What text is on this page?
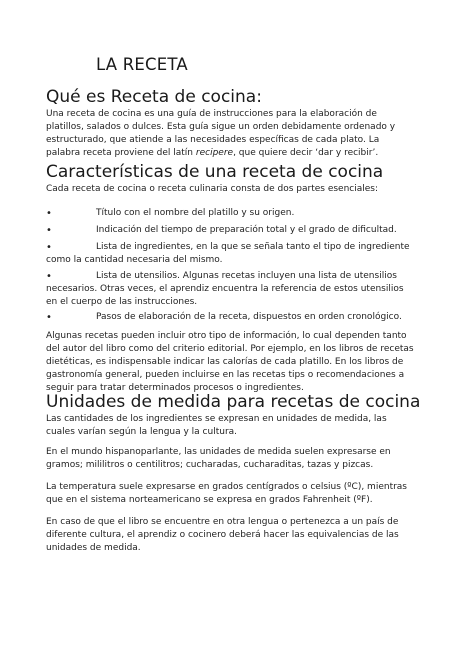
LA RECETA
Qué es Receta de cocina:

Una receta de cocina es una guía de instrucciones para la elaboración de platillos, salados o dulces. Esta guía sigue un orden debidamente ordenado y estructurado, que atiende a las necesidades específicas de cada plato. La palabra receta proviene del latín recipere, que quiere decir ‘dar y recibir’.

Características de una receta de cocina

Cada receta de cocina o receta culinaria consta de dos partes esenciales:

•	Título con el nombre del platillo y su origen.
•	Indicación del tiempo de preparación total y el grado de dificultad.
•	Lista de ingredientes, en la que se señala tanto el tipo de ingrediente como la cantidad necesaria del mismo.
•	Lista de utensilios. Algunas recetas incluyen una lista de utensilios necesarios. Otras veces, el aprendiz encuentra la referencia de estos utensilios en el cuerpo de las instrucciones.
•	Pasos de elaboración de la receta, dispuestos en orden cronológico.

Algunas recetas pueden incluir otro tipo de información, lo cual dependen tanto del autor del libro como del criterio editorial. Por ejemplo, en los libros de recetas dietéticas, es indispensable indicar las calorías de cada platillo. En los libros de gastronomía general, pueden incluirse en las recetas tips o recomendaciones a seguir para tratar determinados procesos o ingredientes.

Unidades de medida para recetas de cocina

Las cantidades de los ingredientes se expresan en unidades de medida, las cuales varían según la lengua y la cultura.

En el mundo hispanoparlante, las unidades de medida suelen expresarse en gramos; mililitros o centilitros; cucharadas, cucharaditas, tazas y pizcas.

La temperatura suele expresarse en grados centígrados o celsius (ºC), mientras que en el sistema norteamericano se expresa en grados Fahrenheit (ºF).

En caso de que el libro se encuentre en otra lengua o pertenezca a un país de diferente cultura, el aprendiz o cocinero deberá hacer las equivalencias de las unidades de medida.
